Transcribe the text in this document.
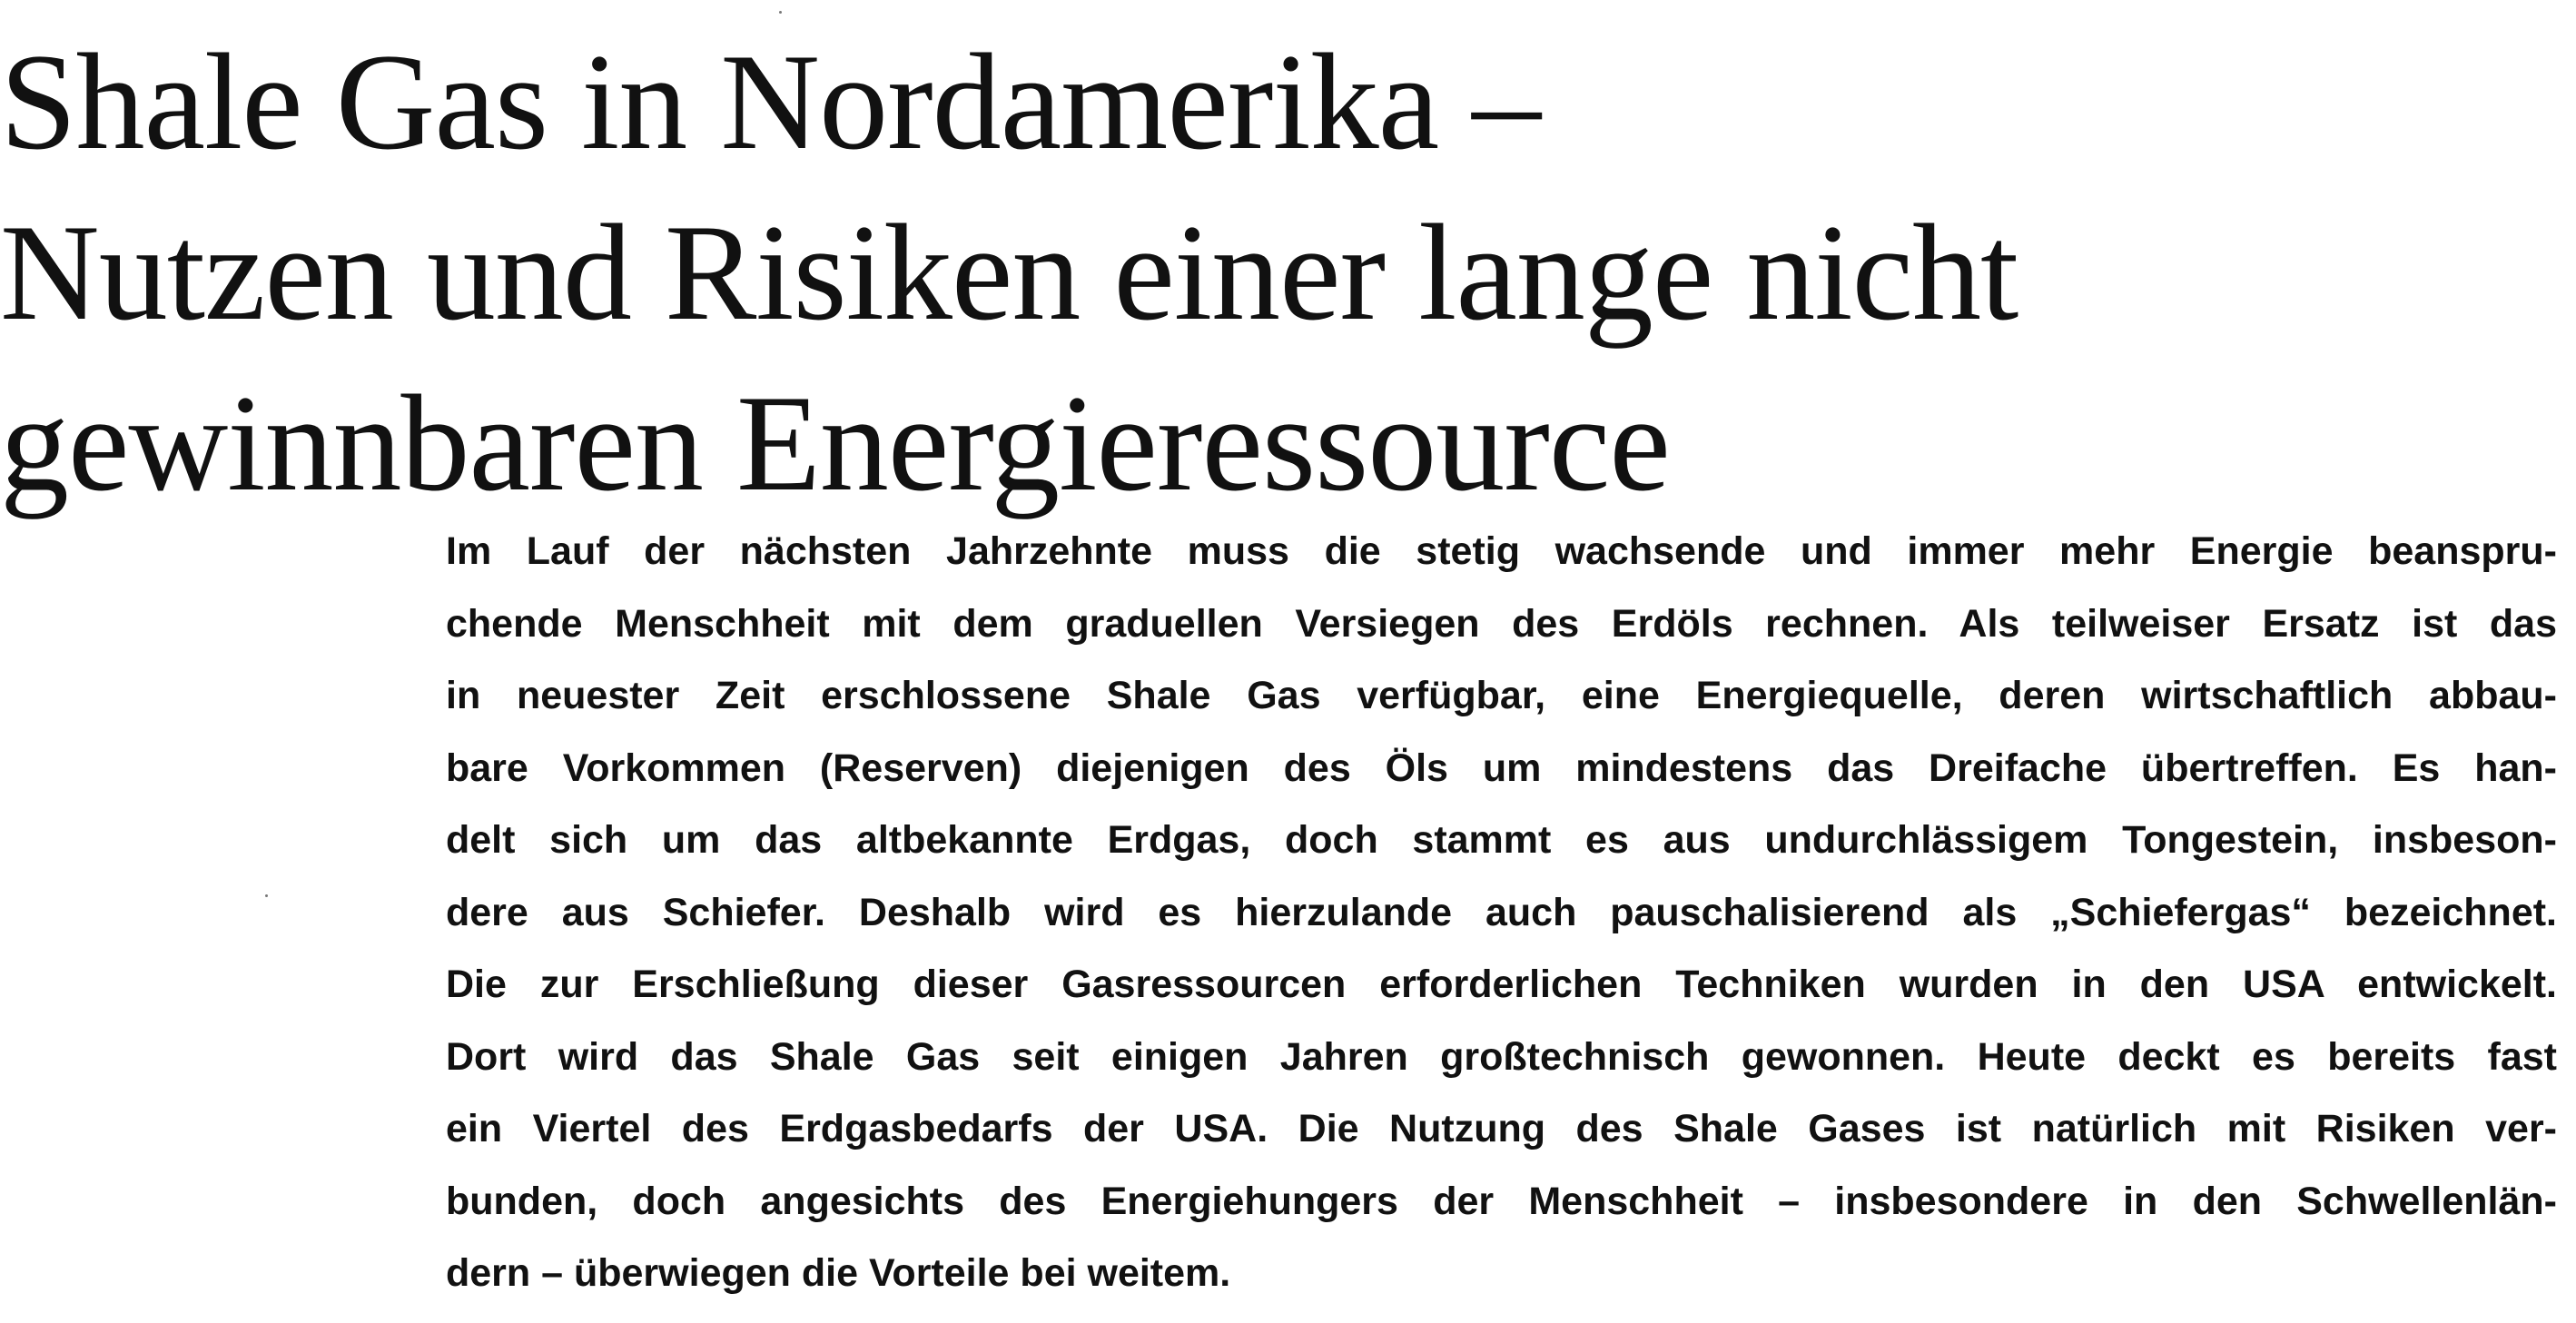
Shale Gas in Nordamerika –
Nutzen und Risiken einer lange nicht
gewinnbaren Energieressource

Im Lauf der nächsten Jahrzehnte muss die stetig wachsende und immer mehr Energie beanspru-
chende Menschheit mit dem graduellen Versiegen des Erdöls rechnen. Als teilweiser Ersatz ist das
in neuester Zeit erschlossene Shale Gas verfügbar, eine Energiequelle, deren wirtschaftlich abbau-
bare Vorkommen (Reserven) diejenigen des Öls um mindestens das Dreifache übertreffen. Es han-
delt sich um das altbekannte Erdgas, doch stammt es aus undurchlässigem Tongestein, insbeson-
dere aus Schiefer. Deshalb wird es hierzulande auch pauschalisierend als „Schiefergas“ bezeichnet.
Die zur Erschließung dieser Gasressourcen erforderlichen Techniken wurden in den USA entwickelt.
Dort wird das Shale Gas seit einigen Jahren großtechnisch gewonnen. Heute deckt es bereits fast
ein Viertel des Erdgasbedarfs der USA. Die Nutzung des Shale Gases ist natürlich mit Risiken ver-
bunden, doch angesichts des Energiehungers der Menschheit – insbesondere in den Schwellenlän-
dern – überwiegen die Vorteile bei weitem.
